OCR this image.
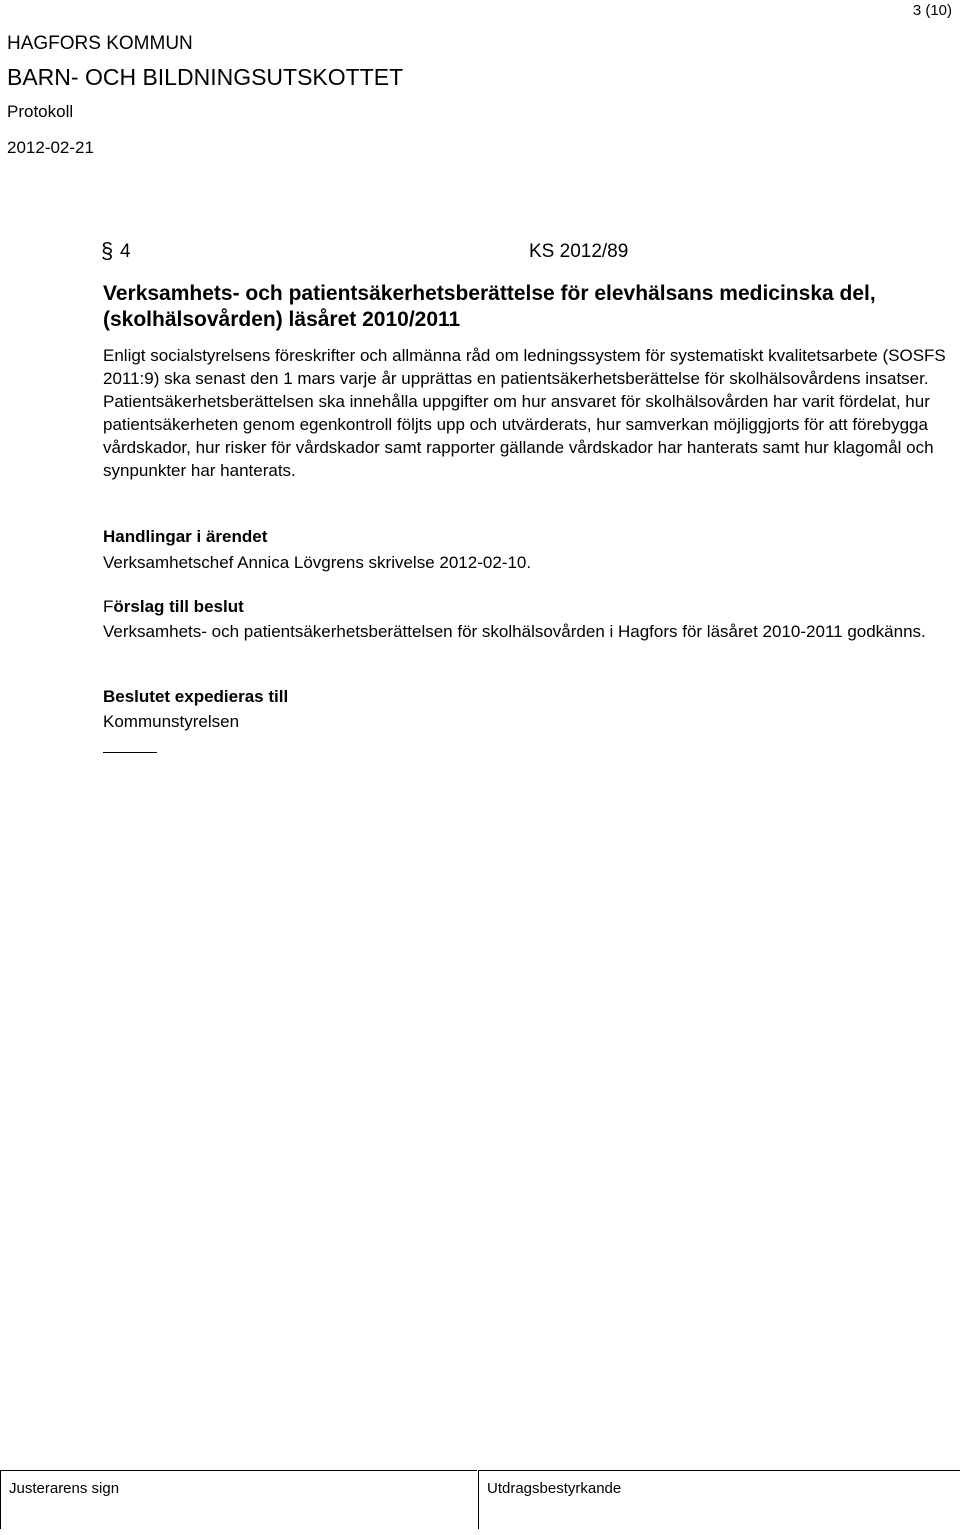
3 (10)
HAGFORS KOMMUN
BARN- OCH BILDNINGSUTSKOTTET
Protokoll
2012-02-21
§ 4	KS 2012/89
Verksamhets- och patientsäkerhetsberättelse för elevhälsans medicinska del, (skolhälsovården) läsåret 2010/2011
Enligt socialstyrelsens föreskrifter och allmänna råd om ledningssystem för systematiskt kvalitetsarbete (SOSFS 2011:9) ska senast den 1 mars varje år upprättas en patientsäkerhetsberättelse för skolhälsovårdens insatser. Patientsäkerhetsberättelsen ska innehålla uppgifter om hur ansvaret för skolhälsovården har varit fördelat, hur patientsäkerheten genom egenkontroll följts upp och utvärderats, hur samverkan möjliggjorts för att förebygga vårdskador, hur risker för vårdskador samt rapporter gällande vårdskador har hanterats samt hur klagomål och synpunkter har hanterats.
Handlingar i ärendet
Verksamhetschef Annica Lövgrens skrivelse 2012-02-10.
Förslag till beslut
Verksamhets- och patientsäkerhetsberättelsen för skolhälsovården i Hagfors för läsåret 2010-2011 godkänns.
Beslutet expedieras till
Kommunstyrelsen
Justerarens sign	Utdragsbestyrkande
